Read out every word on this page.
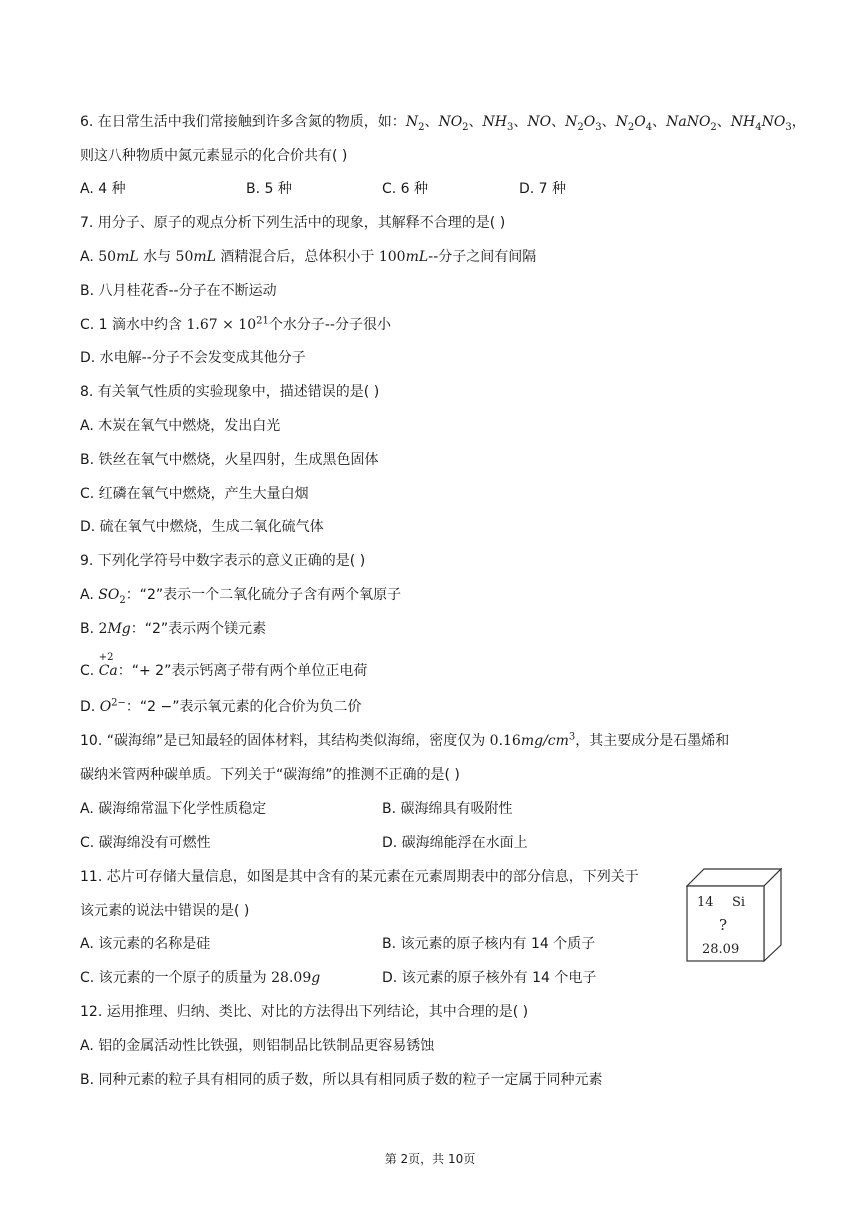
6. 在日常生活中我们常接触到许多含氮的物质，如：$N_2$、$NO_2$、$NH_3$、NO、$N_2O_3$、$N_2O_4$、NaNO$_2$、$NH_4NO_3$，
则这八种物质中氮元素显示的化合价共有( )
A. 4 种	B. 5 种	C. 6 种	D. 7 种
7. 用分子、原子的观点分析下列生活中的现象，其解释不合理的是( )
A. 50mL 水与 50mL 酒精混合后，总体积小于 100mL--分子之间有间隔
B. 八月桂花香--分子在不断运动
C. 1 滴水中约含 $1.67 \times 10^{21}$个水分子--分子很小
D. 水电解--分子不会发变成其他分子
8. 有关氧气性质的实验现象中，描述错误的是( )
A. 木炭在氧气中燃烧，发出白光
B. 铁丝在氧气中燃烧，火星四射，生成黑色固体
C. 红磷在氧气中燃烧，产生大量白烟
D. 硫在氧气中燃烧，生成二氧化硫气体
9. 下列化学符号中数字表示的意义正确的是( )
A. $SO_2$：“2”表示一个二氧化硫分子含有两个氧原子
B. 2Mg：“2”表示两个镁元素
C.
+2
Ca：“+ 2”表示钙离子带有两个单位正电荷
D. $O^{2-}$：“2 −”表示氧元素的化合价为负二价
10. “碳海绵”是已知最轻的固体材料，其结构类似海绵，密度仅为 $0.16mg/cm^3$，其主要成分是石墨烯和
碳纳米管两种碳单质。下列关于“碳海绵”的推测不正确的是( )
A. 碳海绵常温下化学性质稳定	B. 碳海绵具有吸附性
C. 碳海绵没有可燃性	D. 碳海绵能浮在水面上
11. 芯片可存储大量信息，如图是其中含有的某元素在元素周期表中的部分信息，下列关于
该元素的说法中错误的是( )
A. 该元素的名称是硅	B. 该元素的原子核内有 14 个质子
C. 该元素的一个原子的质量为 28.09g	D. 该元素的原子核外有 14 个电子
14 Si
?
28.09
12. 运用推理、归纳、类比、对比的方法得出下列结论，其中合理的是( )
A. 铝的金属活动性比铁强，则铝制品比铁制品更容易锈蚀
B. 同种元素的粒子具有相同的质子数，所以具有相同质子数的粒子一定属于同种元素
第 2页，共 10页
